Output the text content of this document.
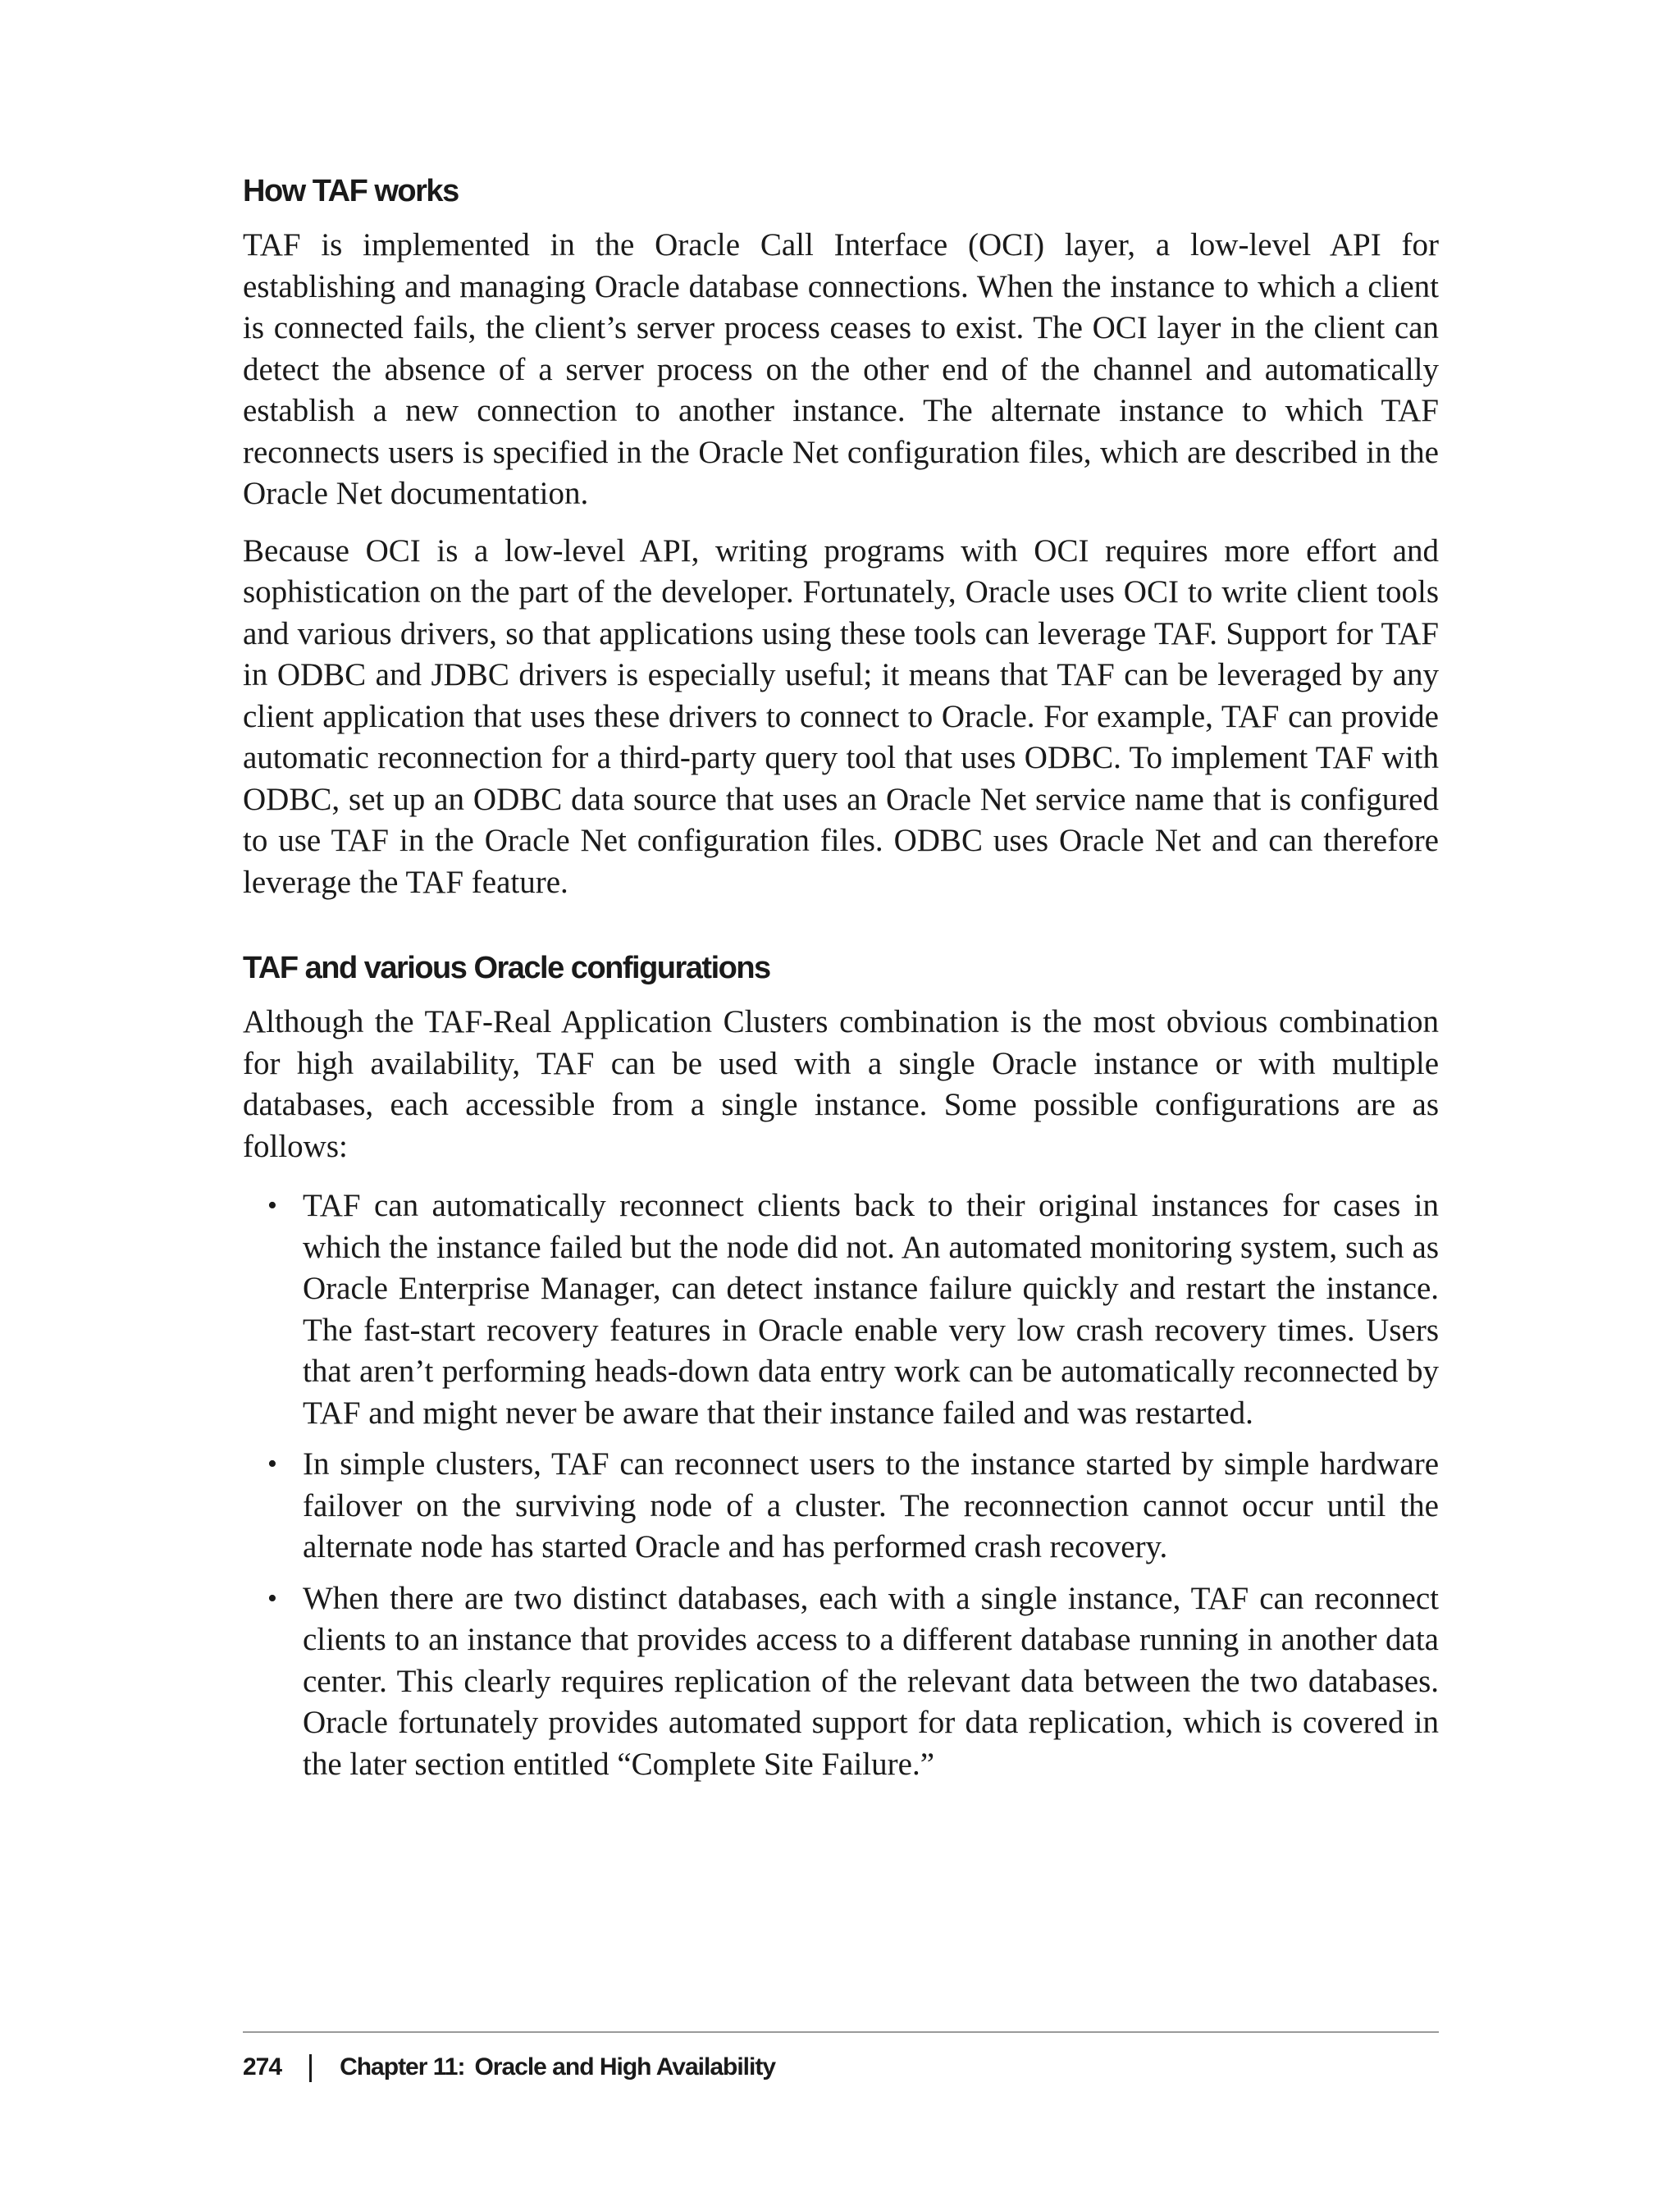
How TAF works

TAF is implemented in the Oracle Call Interface (OCI) layer, a low-level API for establishing and managing Oracle database connections. When the instance to which a client is connected fails, the client’s server process ceases to exist. The OCI layer in the client can detect the absence of a server process on the other end of the channel and automatically establish a new connection to another instance. The alternate instance to which TAF reconnects users is specified in the Oracle Net configuration files, which are described in the Oracle Net documentation.

Because OCI is a low-level API, writing programs with OCI requires more effort and sophistication on the part of the developer. Fortunately, Oracle uses OCI to write client tools and various drivers, so that applications using these tools can leverage TAF. Support for TAF in ODBC and JDBC drivers is especially useful; it means that TAF can be leveraged by any client application that uses these drivers to connect to Oracle. For example, TAF can provide automatic reconnection for a third-party query tool that uses ODBC. To implement TAF with ODBC, set up an ODBC data source that uses an Oracle Net service name that is configured to use TAF in the Oracle Net configuration files. ODBC uses Oracle Net and can therefore leverage the TAF feature.

TAF and various Oracle configurations

Although the TAF-Real Application Clusters combination is the most obvious combination for high availability, TAF can be used with a single Oracle instance or with multiple databases, each accessible from a single instance. Some possible configurations are as follows:

• TAF can automatically reconnect clients back to their original instances for cases in which the instance failed but the node did not. An automated monitoring system, such as Oracle Enterprise Manager, can detect instance failure quickly and restart the instance. The fast-start recovery features in Oracle enable very low crash recovery times. Users that aren’t performing heads-down data entry work can be automatically reconnected by TAF and might never be aware that their instance failed and was restarted.
• In simple clusters, TAF can reconnect users to the instance started by simple hardware failover on the surviving node of a cluster. The reconnection cannot occur until the alternate node has started Oracle and has performed crash recovery.
• When there are two distinct databases, each with a single instance, TAF can reconnect clients to an instance that provides access to a different database running in another data center. This clearly requires replication of the relevant data between the two databases. Oracle fortunately provides automated support for data replication, which is covered in the later section entitled “Complete Site Failure.”
274 Chapter 11: Oracle and High Availability
